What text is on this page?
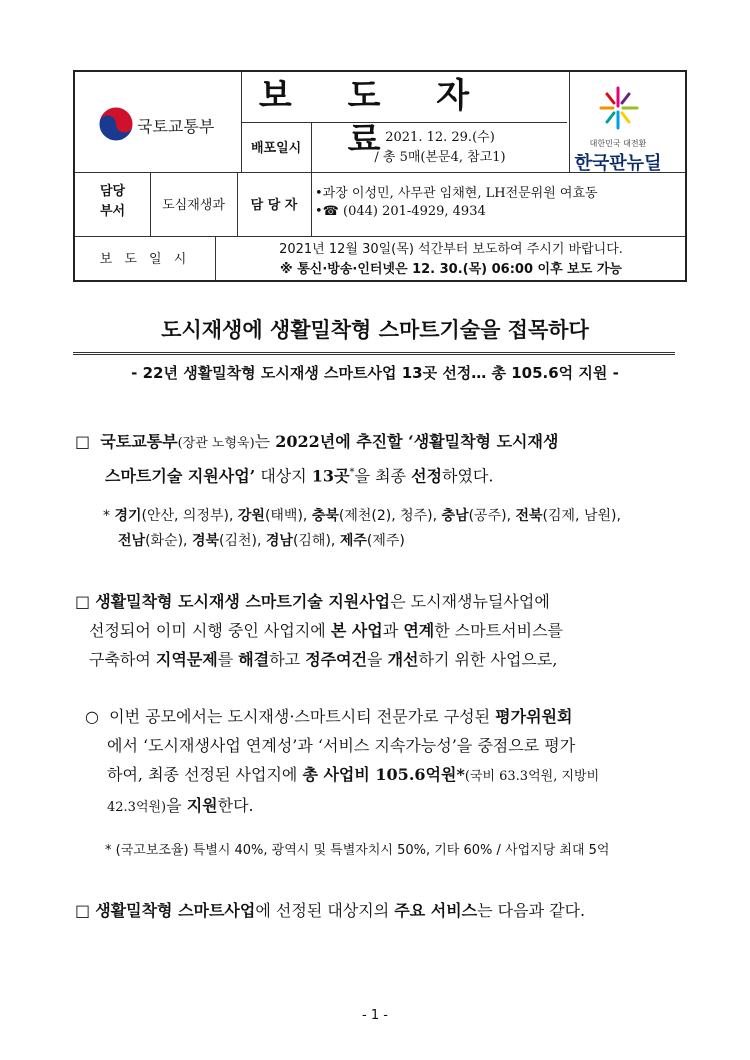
국토교통부
보 도 자 료
배포일시
2021. 12. 29.(수)
/ 총 5매(본문4, 참고1)
대한민국 대전환
한국판뉴딜
담당
부서	도심재생과	담 당 자
•과장 이성민, 사무관 임채현, LH전문위원 여효동
•☎ (044) 201-4929, 4934
보 도 일 시
2021년 12월 30일(목) 석간부터 보도하여 주시기 바랍니다.
※ 통신·방송·인터넷은 12. 30.(목) 06:00 이후 보도 가능
도시재생에 생활밀착형 스마트기술을 접목하다
- 22년 생활밀착형 도시재생 스마트사업 13곳 선정… 총 105.6억 지원 -
□ 국토교통부(장관 노형욱)는 2022년에 추진할 ‘생활밀착형 도시재생
스마트기술 지원사업’ 대상지 13곳*을 최종 선정하였다.
* 경기(안산, 의정부), 강원(태백), 충북(제천(2), 청주), 충남(공주), 전북(김제, 남원),
전남(화순), 경북(김천), 경남(김해), 제주(제주)
□ 생활밀착형 도시재생 스마트기술 지원사업은 도시재생뉴딜사업에
선정되어 이미 시행 중인 사업지에 본 사업과 연계한 스마트서비스를
구축하여 지역문제를 해결하고 정주여건을 개선하기 위한 사업으로,
○ 이번 공모에서는 도시재생·스마트시티 전문가로 구성된 평가위원회
에서 ‘도시재생사업 연계성’과 ‘서비스 지속가능성’을 중점으로 평가
하여, 최종 선정된 사업지에 총 사업비 105.6억원*(국비 63.3억원, 지방비
42.3억원)을 지원한다.
* (국고보조율) 특별시 40%, 광역시 및 특별자치시 50%, 기타 60% / 사업지당 최대 5억
□ 생활밀착형 스마트사업에 선정된 대상지의 주요 서비스는 다음과 같다.
- 1 -
